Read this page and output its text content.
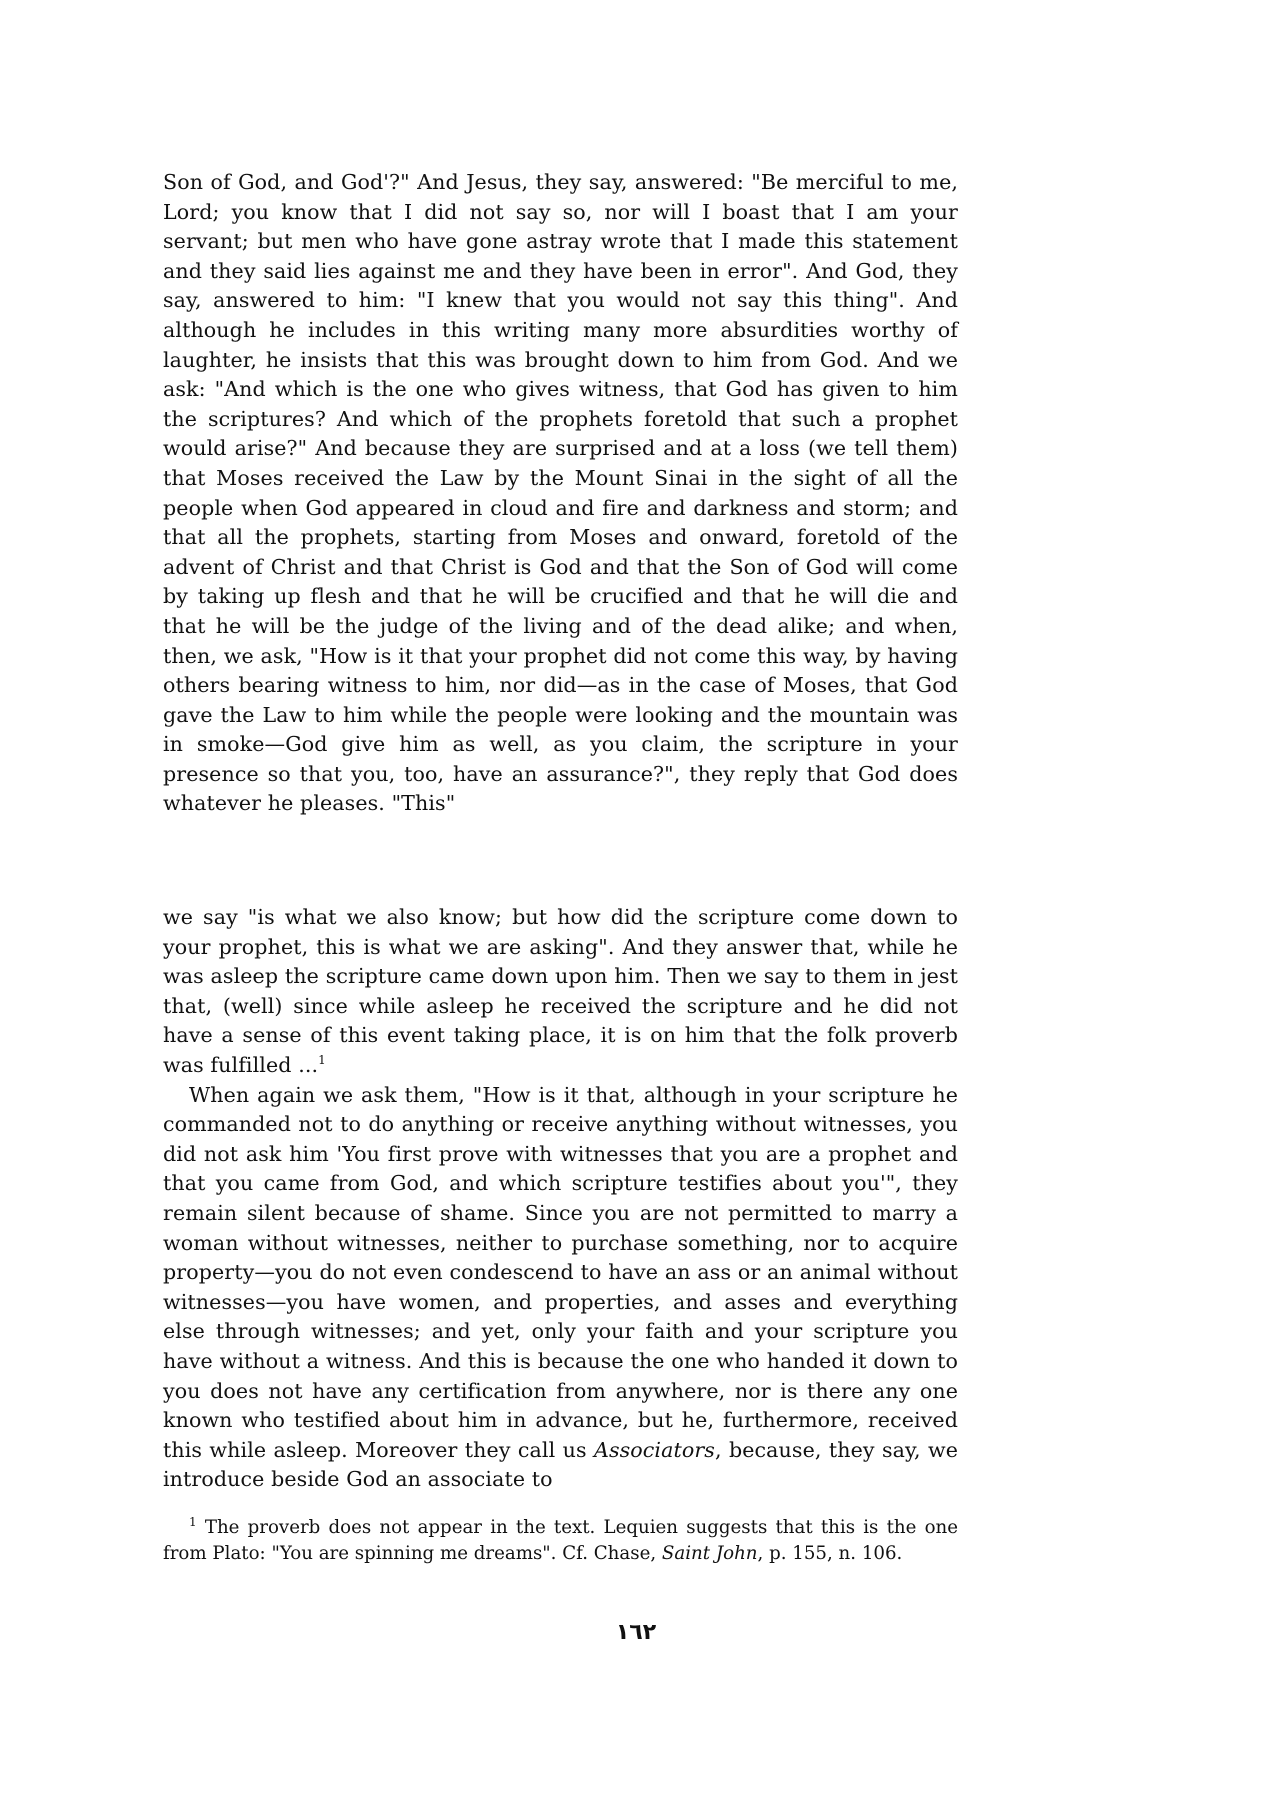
Son of God, and God'?" And Jesus, they say, answered: "Be merciful to me, Lord; you know that I did not say so, nor will I boast that I am your servant; but men who have gone astray wrote that I made this statement and they said lies against me and they have been in error". And God, they say, answered to him: "I knew that you would not say this thing". And although he includes in this writing many more absurdities worthy of laughter, he insists that this was brought down to him from God. And we ask: "And which is the one who gives witness, that God has given to him the scriptures? And which of the prophets foretold that such a prophet would arise?" And because they are surprised and at a loss (we tell them) that Moses received the Law by the Mount Sinai in the sight of all the people when God appeared in cloud and fire and darkness and storm; and that all the prophets, starting from Moses and onward, foretold of the advent of Christ and that Christ is God and that the Son of God will come by taking up flesh and that he will be crucified and that he will die and that he will be the judge of the living and of the dead alike; and when, then, we ask, "How is it that your prophet did not come this way, by having others bearing witness to him, nor did—as in the case of Moses, that God gave the Law to him while the people were looking and the mountain was in smoke—God give him as well, as you claim, the scripture in your presence so that you, too, have an assurance?", they reply that God does whatever he pleases. "This"

we say "is what we also know; but how did the scripture come down to your prophet, this is what we are asking". And they answer that, while he was asleep the scripture came down upon him. Then we say to them in jest that, (well) since while asleep he received the scripture and he did not have a sense of this event taking place, it is on him that the folk proverb was fulfilled ...$^1$

When again we ask them, "How is it that, although in your scripture he commanded not to do anything or receive anything without witnesses, you did not ask him 'You first prove with witnesses that you are a prophet and that you came from God, and which scripture testifies about you'", they remain silent because of shame. Since you are not permitted to marry a woman without witnesses, neither to purchase something, nor to acquire property—you do not even condescend to have an ass or an animal without witnesses—you have women, and properties, and asses and everything else through witnesses; and yet, only your faith and your scripture you have without a witness. And this is because the one who handed it down to you does not have any certification from anywhere, nor is there any one known who testified about him in advance, but he, furthermore, received this while asleep. Moreover they call us Associators, because, they say, we introduce beside God an associate to

$^1$ The proverb does not appear in the text. Lequien suggests that this is the one from Plato: "You are spinning me dreams". Cf. Chase, Saint John, p. 155, n. 106.

١٦٢
